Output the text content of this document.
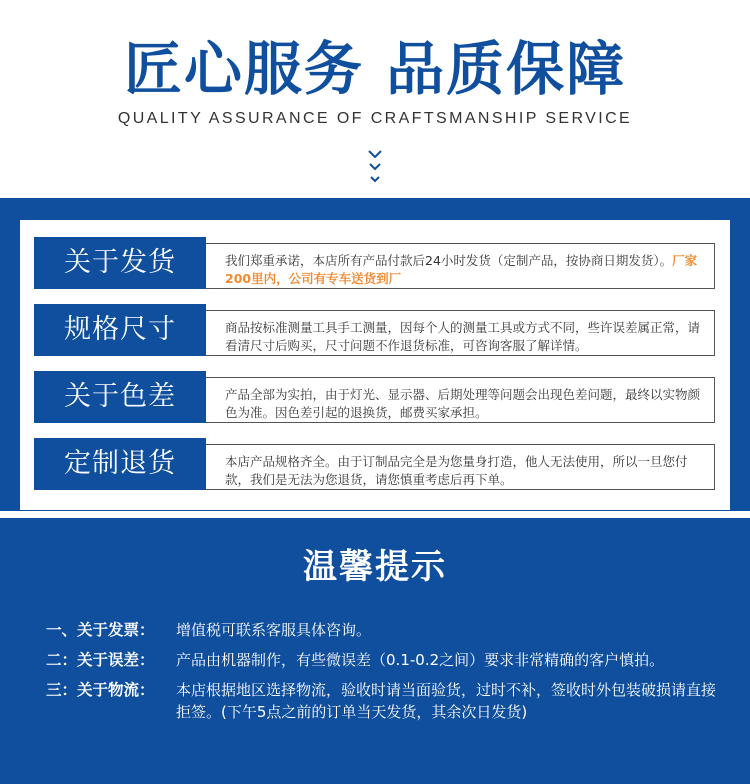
匠心服务 品质保障
QUALITY ASSURANCE OF CRAFTSMANSHIP SERVICE
关于发货	我们郑重承诺，本店所有产品付款后24小时发货（定制产品，按协商日期发货）。厂家200里内，公司有专车送货到厂
规格尺寸	商品按标准测量工具手工测量，因每个人的测量工具或方式不同，些许误差属正常，请看清尺寸后购买，尺寸问题不作退货标准，可咨询客服了解详情。
关于色差	产品全部为实拍，由于灯光、显示器、后期处理等问题会出现色差问题，最终以实物颜色为准。因色差引起的退换货，邮费买家承担。
定制退货	本店产品规格齐全。由于订制品完全是为您量身打造，他人无法使用，所以一旦您付款，我们是无法为您退货，请您慎重考虑后再下单。
温馨提示
一、关于发票：	增值税可联系客服具体咨询。
二：关于误差：	产品由机器制作，有些微误差（0.1-0.2之间）要求非常精确的客户慎拍。
三：关于物流：	本店根据地区选择物流，验收时请当面验货，过时不补，签收时外包装破损请直接拒签。(下午5点之前的订单当天发货，其余次日发货)
